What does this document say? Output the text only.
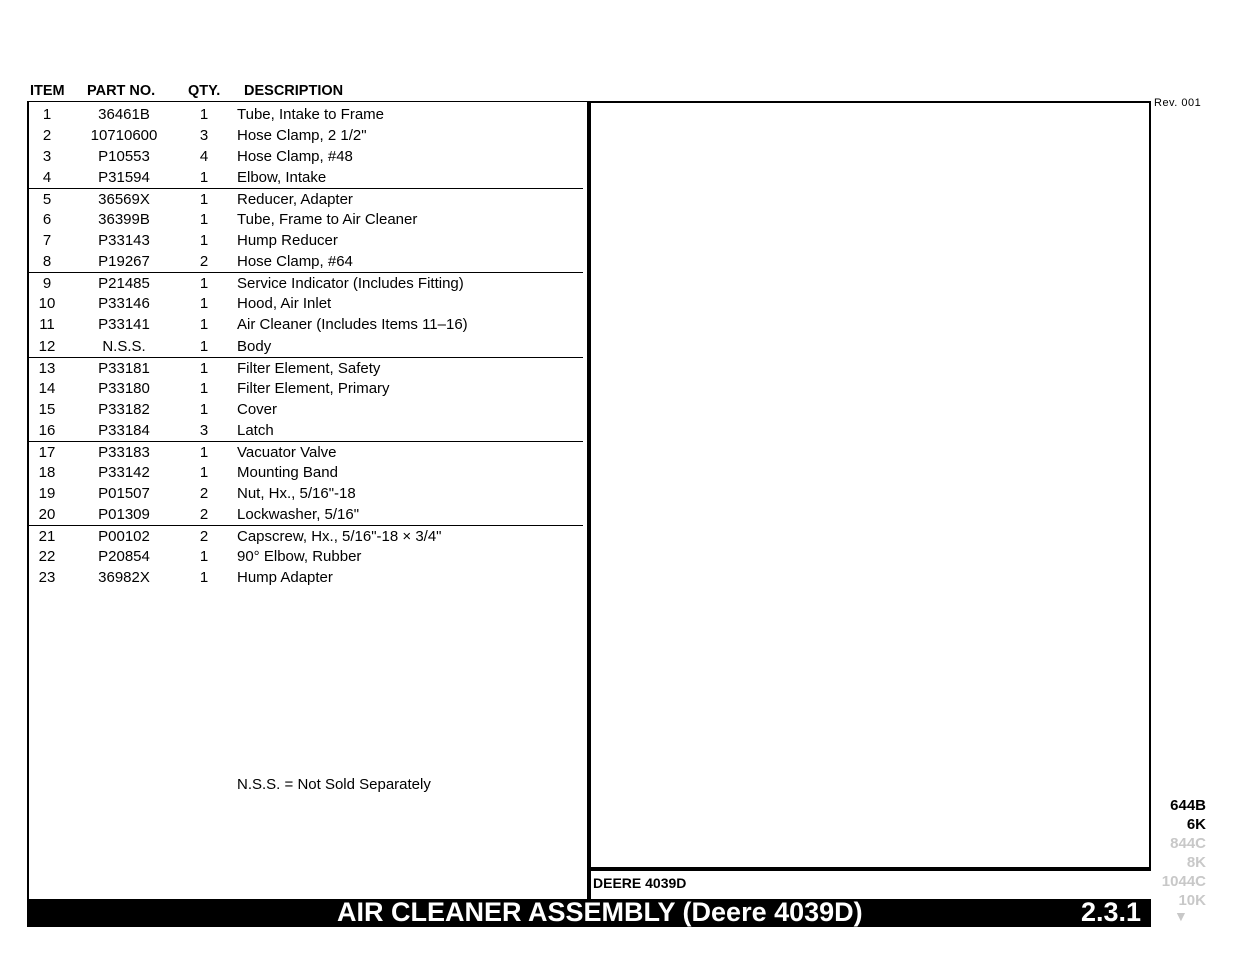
ITEM PART NO. QTY. DESCRIPTION
Rev. 001
1	36461B	1	Tube, Intake to Frame
2	10710600	3	Hose Clamp, 2 1/2"
3	P10553	4	Hose Clamp, #48
4	P31594	1	Elbow, Intake
5	36569X	1	Reducer, Adapter
6	36399B	1	Tube, Frame to Air Cleaner
7	P33143	1	Hump Reducer
8	P19267	2	Hose Clamp, #64
9	P21485	1	Service Indicator (Includes Fitting)
10	P33146	1	Hood, Air Inlet
11	P33141	1	Air Cleaner (Includes Items 11–16)
12	N.S.S.	1	Body
13	P33181	1	Filter Element, Safety
14	P33180	1	Filter Element, Primary
15	P33182	1	Cover
16	P33184	3	Latch
17	P33183	1	Vacuator Valve
18	P33142	1	Mounting Band
19	P01507	2	Nut, Hx., 5/16"-18
20	P01309	2	Lockwasher, 5/16"
21	P00102	2	Capscrew, Hx., 5/16"-18 × 3/4"
22	P20854	1	90° Elbow, Rubber
23	36982X	1	Hump Adapter
N.S.S. = Not Sold Separately
DEERE 4039D
AIR CLEANER ASSEMBLY (Deere 4039D)	2.3.1
644B
6K
844C
8K
1044C
10K
▼
